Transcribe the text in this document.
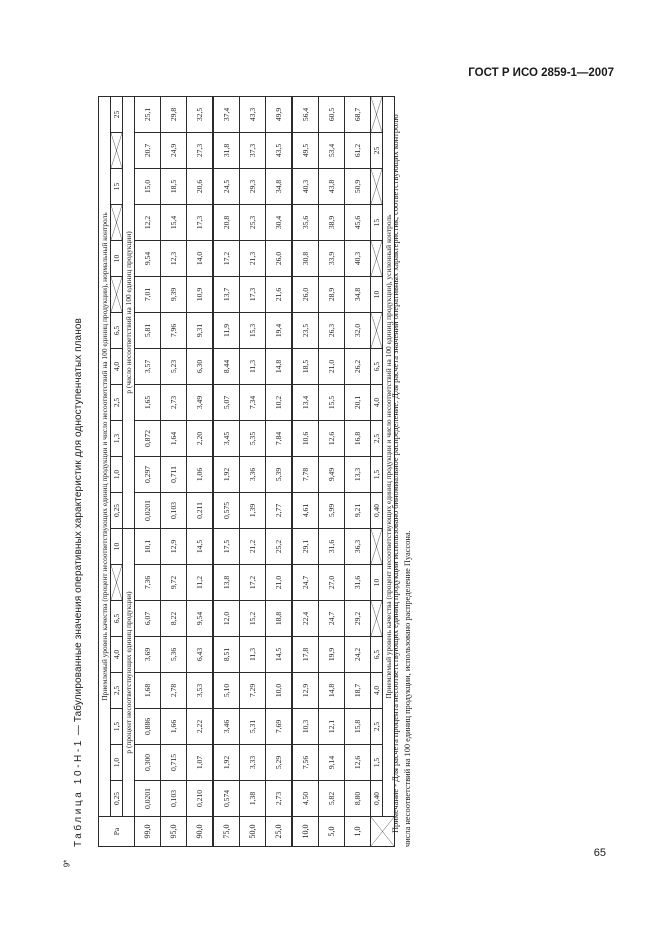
ГОСТ Р ИСО 2859-1—2007
9*
65
Таблица 10-Н-1 — Табулированные значения оперативных характеристик для одноступенчатых планов
Pa	Приемлемый уровень качества (процент несоответствующих единиц продукции и число несоответствий на 100 единиц продукции), нормальный контроль																			
	0,25	1,0	1,5	2,5	4,0	6,5		10	0,25	1,0	1,3	2,5	4,0	6,5		10		15		25
	p (процент несоответствующих единиц продукции)								p (число несоответствий на 100 единиц продукции)											
99,0	0,0201	0,300	0,886	1,68	3,69	6,07	7,36	10,1	0,0201	0,297	0,872	1,65	3,57	5,81	7,01	9,54	12,2	15,0	20,7	25,1
95,0	0,103	0,715	1,66	2,78	5,36	8,22	9,72	12,9	0,103	0,711	1,64	2,73	5,23	7,96	9,39	12,3	15,4	18,5	24,9	29,8
90,0	0,210	1,07	2,22	3,53	6,43	9,54	11,2	14,5	0,211	1,06	2,20	3,49	6,30	9,31	10,9	14,0	17,3	20,6	27,3	32,5
75,0	0,574	1,92	3,46	5,10	8,51	12,0	13,8	17,5	0,575	1,92	3,45	5,07	8,44	11,9	13,7	17,2	20,8	24,5	31,8	37,4
50,0	1,38	3,33	5,31	7,29	11,3	15,2	17,2	21,2	1,39	3,36	5,35	7,34	11,3	15,3	17,3	21,3	25,3	29,3	37,3	43,3
25,0	2,73	5,29	7,69	10,0	14,5	18,8	21,0	25,2	2,77	5,39	7,84	10,2	14,8	19,4	21,6	26,0	30,4	34,8	43,5	49,9
10,0	4,50	7,56	10,3	12,9	17,8	22,4	24,7	29,1	4,61	7,78	10,6	13,4	18,5	23,5	26,0	30,8	35,6	40,3	49,5	56,4
5,0	5,82	9,14	12,1	14,8	19,9	24,7	27,0	31,6	5,99	9,49	12,6	15,5	21,0	26,3	28,9	33,9	38,9	43,8	53,4	60,5
1,0	8,80	12,6	15,8	18,7	24,2	29,2	31,6	36,3	9,21	13,3	16,8	20,1	26,2	32,0	34,8	40,3	45,6	50,9	61,2	68,7

	0,40	1,5	2,5	4,0	6,5		10		0,40	1,5	2,5	4,0	6,5		10		15		25	

	Приемлемый уровень качества (процент несоответствующих единиц продукции и число несоответствий на 100 единиц продукции), усиленный контроль																			
Примечание - Для расчета процента несоответствующих единиц продукции использовано биномиальное распределение. Для расчета значений оперативных характеристик, соответствующих контролю числа несоответствий на 100 единиц продукции, использовано распределение Пуассона.
